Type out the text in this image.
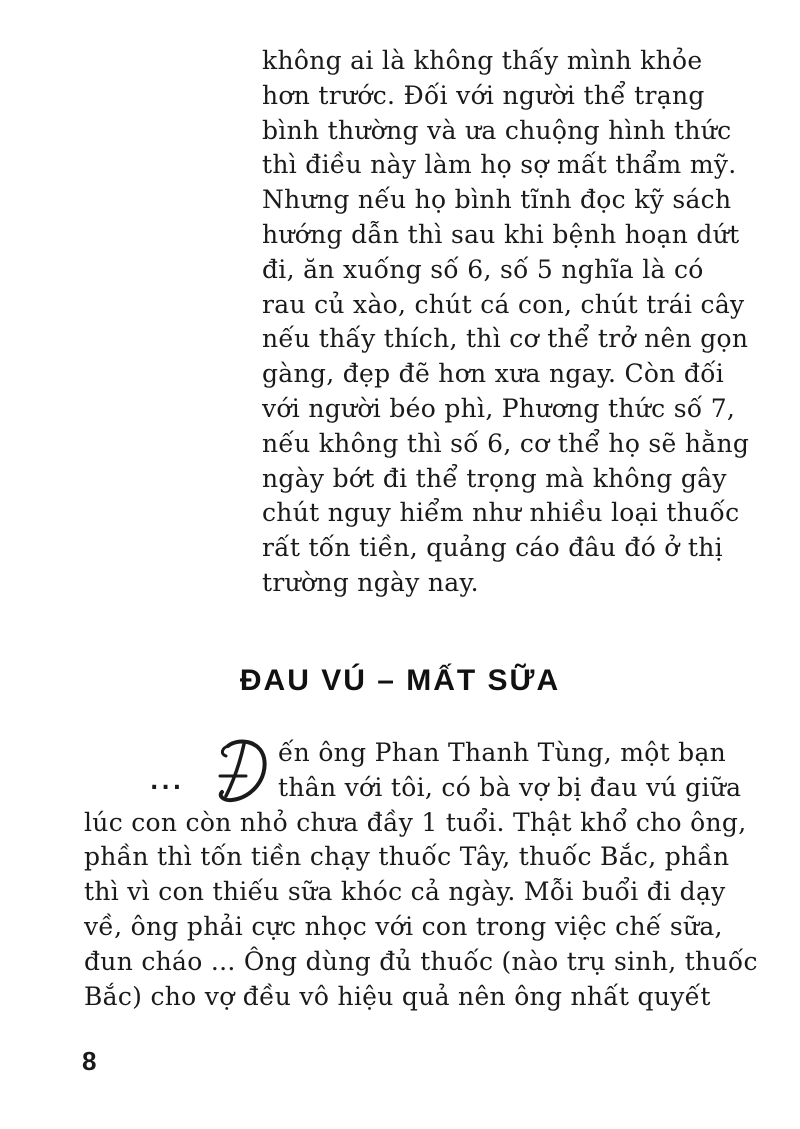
không ai là không thấy mình khỏe
hơn trước. Đối với người thể trạng
bình thường và ưa chuộng hình thức
thì điều này làm họ sợ mất thẩm mỹ.
Nhưng nếu họ bình tĩnh đọc kỹ sách
hướng dẫn thì sau khi bệnh hoạn dứt
đi, ăn xuống số 6, số 5 nghĩa là có
rau củ xào, chút cá con, chút trái cây
nếu thấy thích, thì cơ thể trở nên gọn
gàng, đẹp đẽ hơn xưa ngay. Còn đối
với người béo phì, Phương thức số 7,
nếu không thì số 6, cơ thể họ sẽ hằng
ngày bớt đi thể trọng mà không gây
chút nguy hiểm như nhiều loại thuốc
rất tốn tiền, quảng cáo đâu đó ở thị
trường ngày nay.
ĐAU VÚ – MẤT SỮA
...
ến ông Phan Thanh Tùng, một bạn
thân với tôi, có bà vợ bị đau vú giữa
lúc con còn nhỏ chưa đầy 1 tuổi. Thật khổ cho ông,
phần thì tốn tiền chạy thuốc Tây, thuốc Bắc, phần
thì vì con thiếu sữa khóc cả ngày. Mỗi buổi đi dạy
về, ông phải cực nhọc với con trong việc chế sữa,
đun cháo ... Ông dùng đủ thuốc (nào trụ sinh, thuốc
Bắc) cho vợ đều vô hiệu quả nên ông nhất quyết
8
